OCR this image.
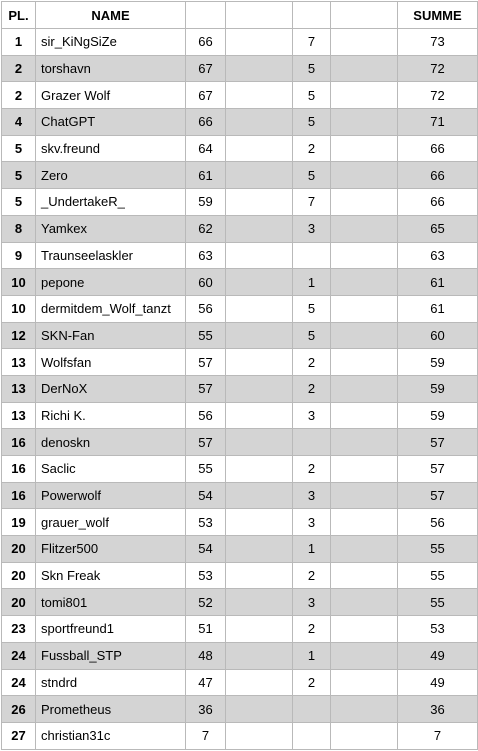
PL.	NAME					SUMME
1	sir_KiNgSiZe	66		7		73
2	torshavn	67		5		72
2	Grazer Wolf	67		5		72
4	ChatGPT	66		5		71
5	skv.freund	64		2		66
5	Zero	61		5		66
5	_UndertakeR_	59		7		66
8	Yamkex	62		3		65
9	Traunseelaskler	63				63
10	pepone	60		1		61
10	dermitdem_Wolf_tanzt	56		5		61
12	SKN-Fan	55		5		60
13	Wolfsfan	57		2		59
13	DerNoX	57		2		59
13	Richi K.	56		3		59
16	denoskn	57				57
16	Saclic	55		2		57
16	Powerwolf	54		3		57
19	grauer_wolf	53		3		56
20	Flitzer500	54		1		55
20	Skn Freak	53		2		55
20	tomi801	52		3		55
23	sportfreund1	51		2		53
24	Fussball_STP	48		1		49
24	stndrd	47		2		49
26	Prometheus	36				36
27	christian31c	7				7
